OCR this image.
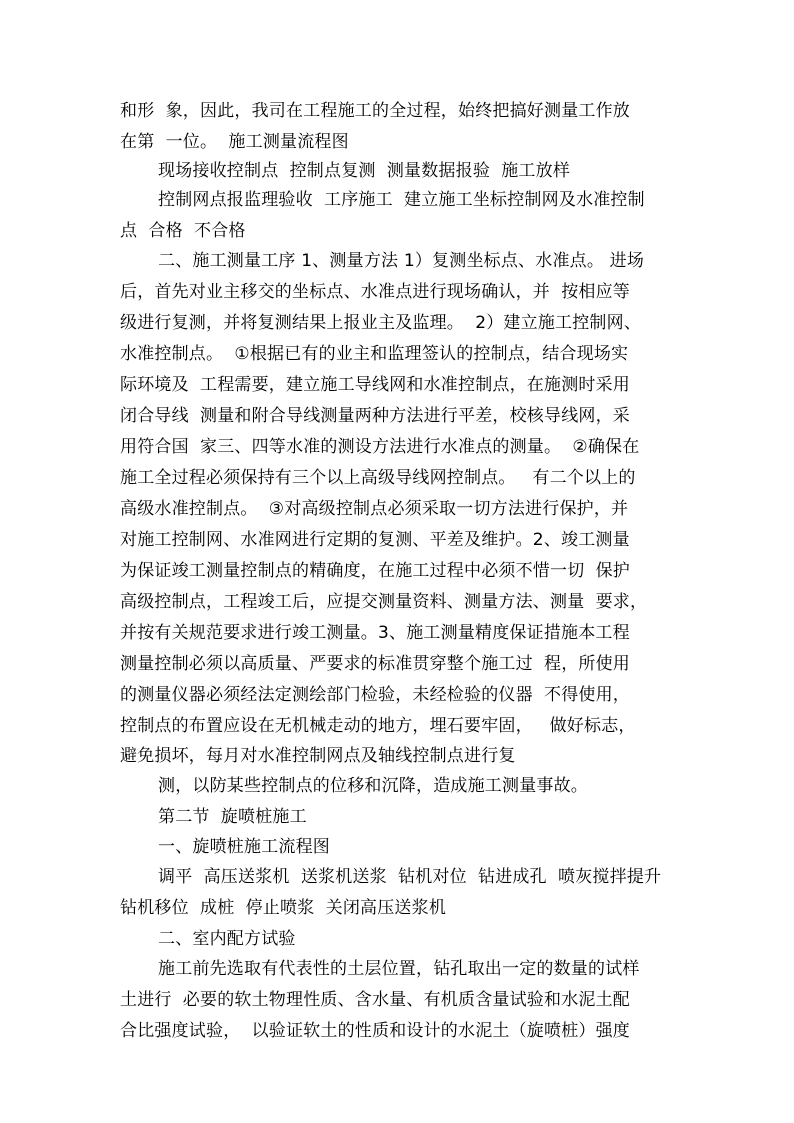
和形  象，因此，我司在工程施工的全过程，始终把搞好测量工作放
在第  一位。  施工测量流程图
现场接收控制点  控制点复测  测量数据报验  施工放样
控制网点报监理验收  工序施工  建立施工坐标控制网及水准控制
点  合格  不合格
二、施工测量工序 1、测量方法 1）复测坐标点、水准点。 进场
后，首先对业主移交的坐标点、水准点进行现场确认，并  按相应等
级进行复测，并将复测结果上报业主及监理。  2）建立施工控制网、
水准控制点。  ①根据已有的业主和监理签认的控制点，结合现场实
际环境及  工程需要，建立施工导线网和水准控制点，在施测时采用
闭合导线  测量和附合导线测量两种方法进行平差，校核导线网，采
用符合国  家三、四等水准的测设方法进行水准点的测量。  ②确保在
施工全过程必须保持有三个以上高级导线网控制点。   有二个以上的
高级水准控制点。  ③对高级控制点必须采取一切方法进行保护，并
对施工控制网、水准网进行定期的复测、平差及维护。2、竣工测量
为保证竣工测量控制点的精确度，在施工过程中必须不惜一切  保护
高级控制点，工程竣工后，应提交测量资料、测量方法、测量  要求，
并按有关规范要求进行竣工测量。3、施工测量精度保证措施本工程
测量控制必须以高质量、严要求的标准贯穿整个施工过  程，所使用
的测量仪器必须经法定测绘部门检验，未经检验的仪器  不得使用，
控制点的布置应设在无机械走动的地方，埋石要牢固，   做好标志，
避免损坏，每月对水准控制网点及轴线控制点进行复
测，以防某些控制点的位移和沉降，造成施工测量事故。
第二节  旋喷桩施工
一、旋喷桩施工流程图
调平  高压送浆机  送浆机送浆  钻机对位  钻进成孔  喷灰搅拌提升
钻机移位  成桩  停止喷浆  关闭高压送浆机
二、室内配方试验
施工前先选取有代表性的土层位置，钻孔取出一定的数量的试样
土进行  必要的软土物理性质、含水量、有机质含量试验和水泥土配
合比强度试验，  以验证软土的性质和设计的水泥土（旋喷桩）强度
